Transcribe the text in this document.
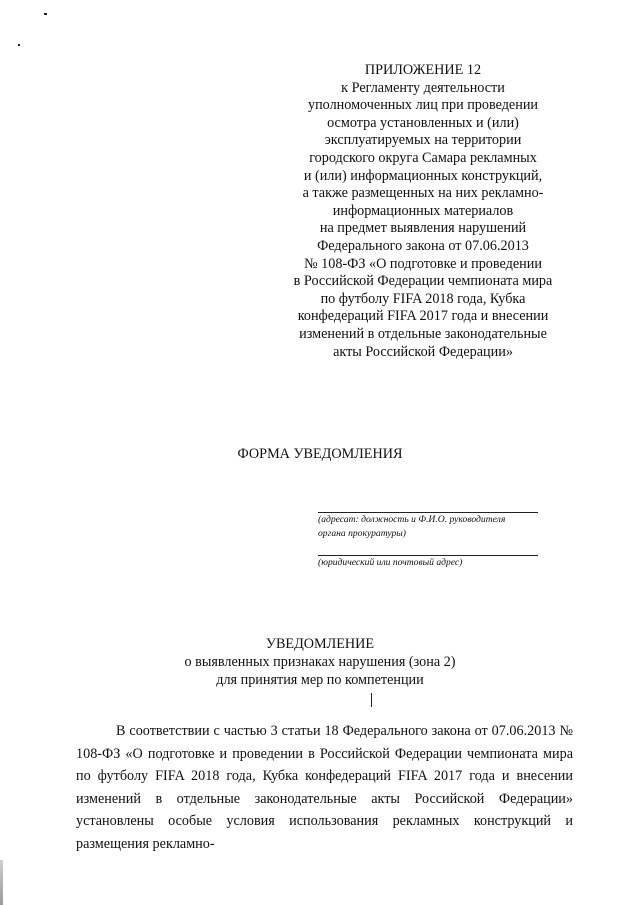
ПРИЛОЖЕНИЕ 12
к Регламенту деятельности
уполномоченных лиц при проведении
осмотра установленных и (или)
эксплуатируемых на территории
городского округа Самара рекламных
и (или) информационных конструкций,
а также размещенных на них рекламно-
информационных материалов
на предмет выявления нарушений
Федерального закона от 07.06.2013
№ 108-ФЗ «О подготовке и проведении
в Российской Федерации чемпионата мира
по футболу FIFA 2018 года, Кубка
конфедераций FIFA 2017 года и внесении
изменений в отдельные законодательные
акты Российской Федерации»
ФОРМА УВЕДОМЛЕНИЯ
(адресат: должность и Ф.И.О. руководителя
органа прокуратуры)
(юридический или почтовый адрес)
УВЕДОМЛЕНИЕ
о выявленных признаках нарушения (зона 2)
для принятия мер по компетенции
В соответствии с частью 3 статьи 18 Федерального закона от 07.06.2013 № 108-ФЗ «О подготовке и проведении в Российской Федерации чемпионата мира по футболу FIFA 2018 года, Кубка конфедераций FIFA 2017 года и внесении изменений в отдельные законодательные акты Российской Федерации» установлены особые условия использования рекламных конструкций и размещения рекламно-
